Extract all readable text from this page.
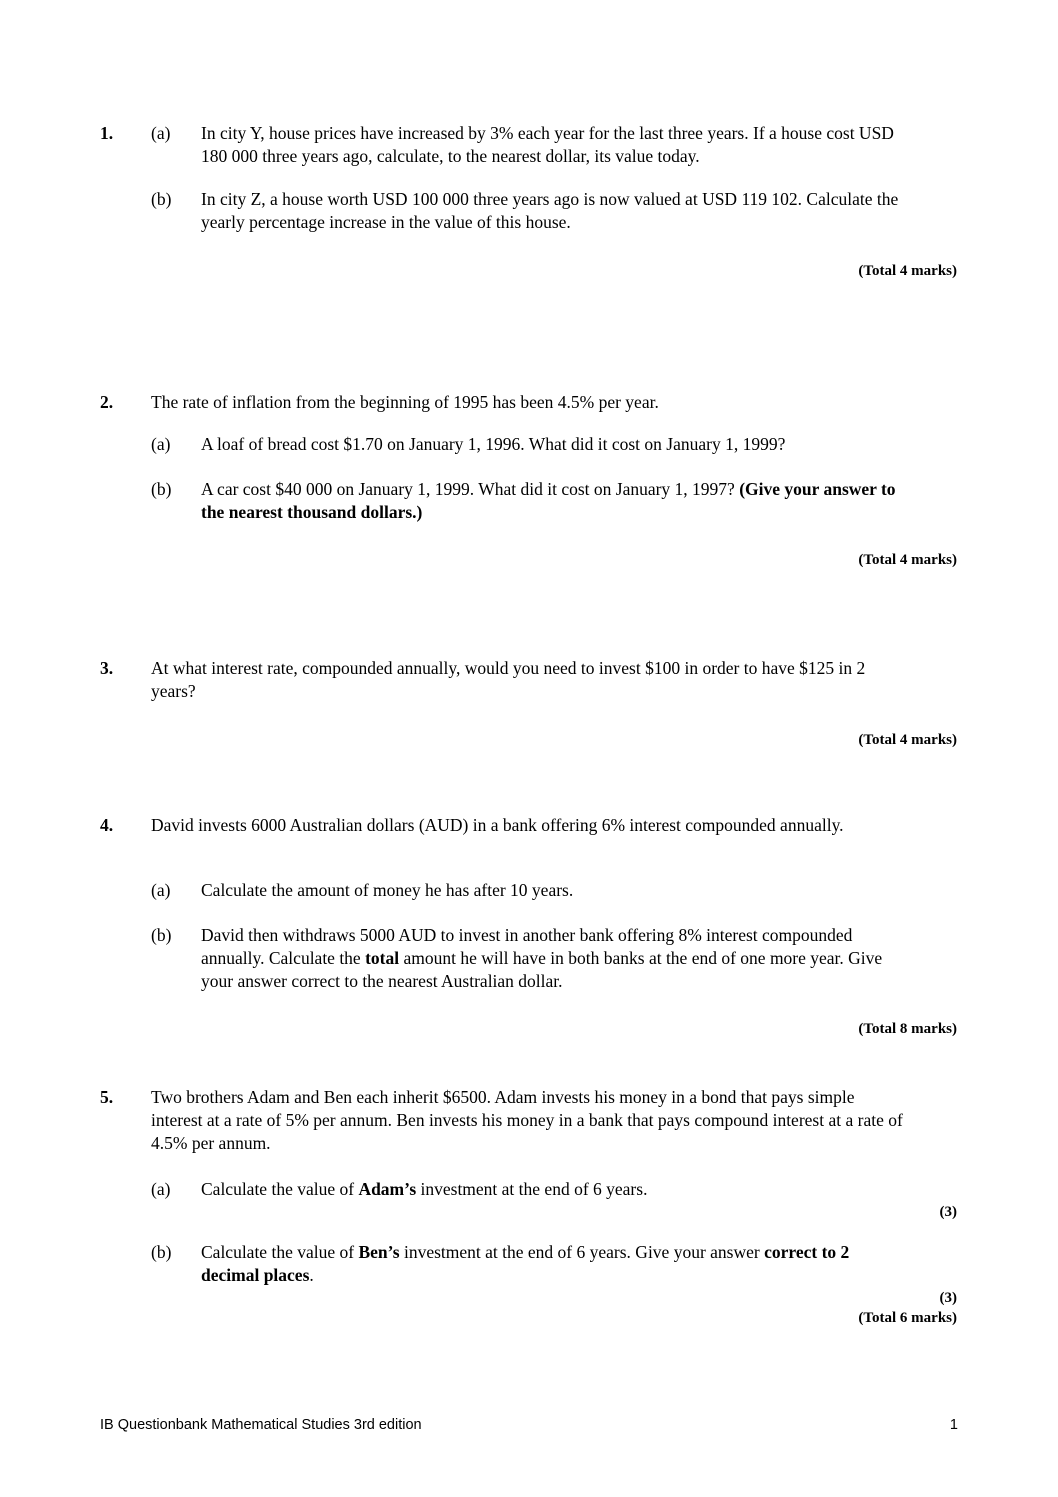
1. (a) In city Y, house prices have increased by 3% each year for the last three years. If a house cost USD 180 000 three years ago, calculate, to the nearest dollar, its value today.
(b) In city Z, a house worth USD 100 000 three years ago is now valued at USD 119 102. Calculate the yearly percentage increase in the value of this house.
(Total 4 marks)
2. The rate of inflation from the beginning of 1995 has been 4.5% per year.
(a) A loaf of bread cost $1.70 on January 1, 1996. What did it cost on January 1, 1999?
(b) A car cost $40 000 on January 1, 1999. What did it cost on January 1, 1997? (Give your answer to the nearest thousand dollars.)
(Total 4 marks)
3. At what interest rate, compounded annually, would you need to invest $100 in order to have $125 in 2 years?
(Total 4 marks)
4. David invests 6000 Australian dollars (AUD) in a bank offering 6% interest compounded annually.
(a) Calculate the amount of money he has after 10 years.
(b) David then withdraws 5000 AUD to invest in another bank offering 8% interest compounded annually. Calculate the total amount he will have in both banks at the end of one more year. Give your answer correct to the nearest Australian dollar.
(Total 8 marks)
5. Two brothers Adam and Ben each inherit $6500. Adam invests his money in a bond that pays simple interest at a rate of 5% per annum. Ben invests his money in a bank that pays compound interest at a rate of 4.5% per annum.
(a) Calculate the value of Adam’s investment at the end of 6 years.
(3)
(b) Calculate the value of Ben’s investment at the end of 6 years. Give your answer correct to 2 decimal places.
(3)
(Total 6 marks)
IB Questionbank Mathematical Studies 3rd edition	1
